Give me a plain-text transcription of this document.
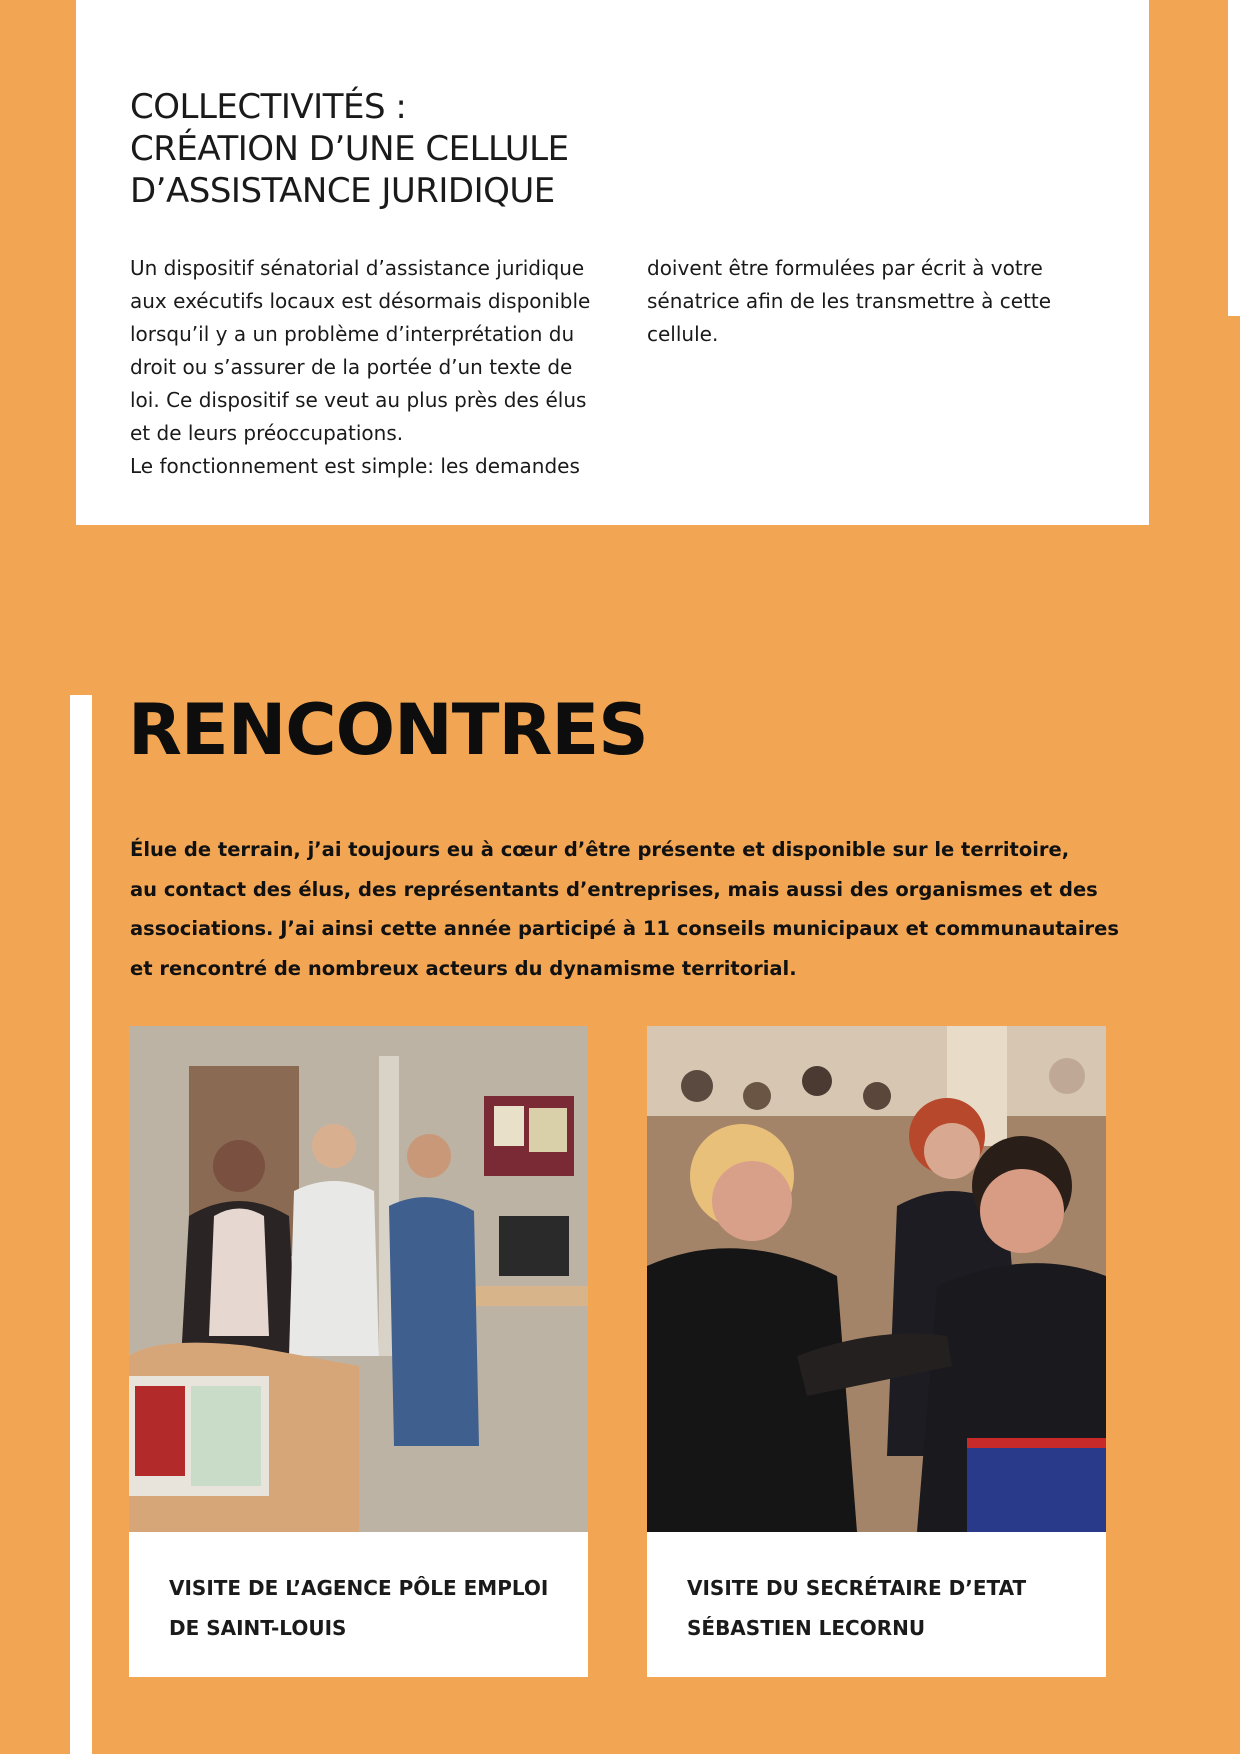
COLLECTIVITÉS :
CRÉATION D’UNE CELLULE
D’ASSISTANCE JURIDIQUE

Un dispositif sénatorial d’assistance juridique
aux exécutifs locaux est désormais disponible
lorsqu’il y a un problème d’interprétation du
droit ou s’assurer de la portée d’un texte de
loi. Ce dispositif se veut au plus près des élus
et de leurs préoccupations.
Le fonctionnement est simple: les demandes

doivent être formulées par écrit à votre
sénatrice afin de les transmettre à cette
cellule.

RENCONTRES

Élue de terrain, j’ai toujours eu à cœur d’être présente et disponible sur le territoire,
au contact des élus, des représentants d’entreprises, mais aussi des organismes et des
associations. J’ai ainsi cette année participé à 11 conseils municipaux et communautaires
et rencontré de nombreux acteurs du dynamisme territorial.

VISITE DE L’AGENCE PÔLE EMPLOI
DE SAINT-LOUIS

VISITE DU SECRÉTAIRE D’ETAT
SÉBASTIEN LECORNU
